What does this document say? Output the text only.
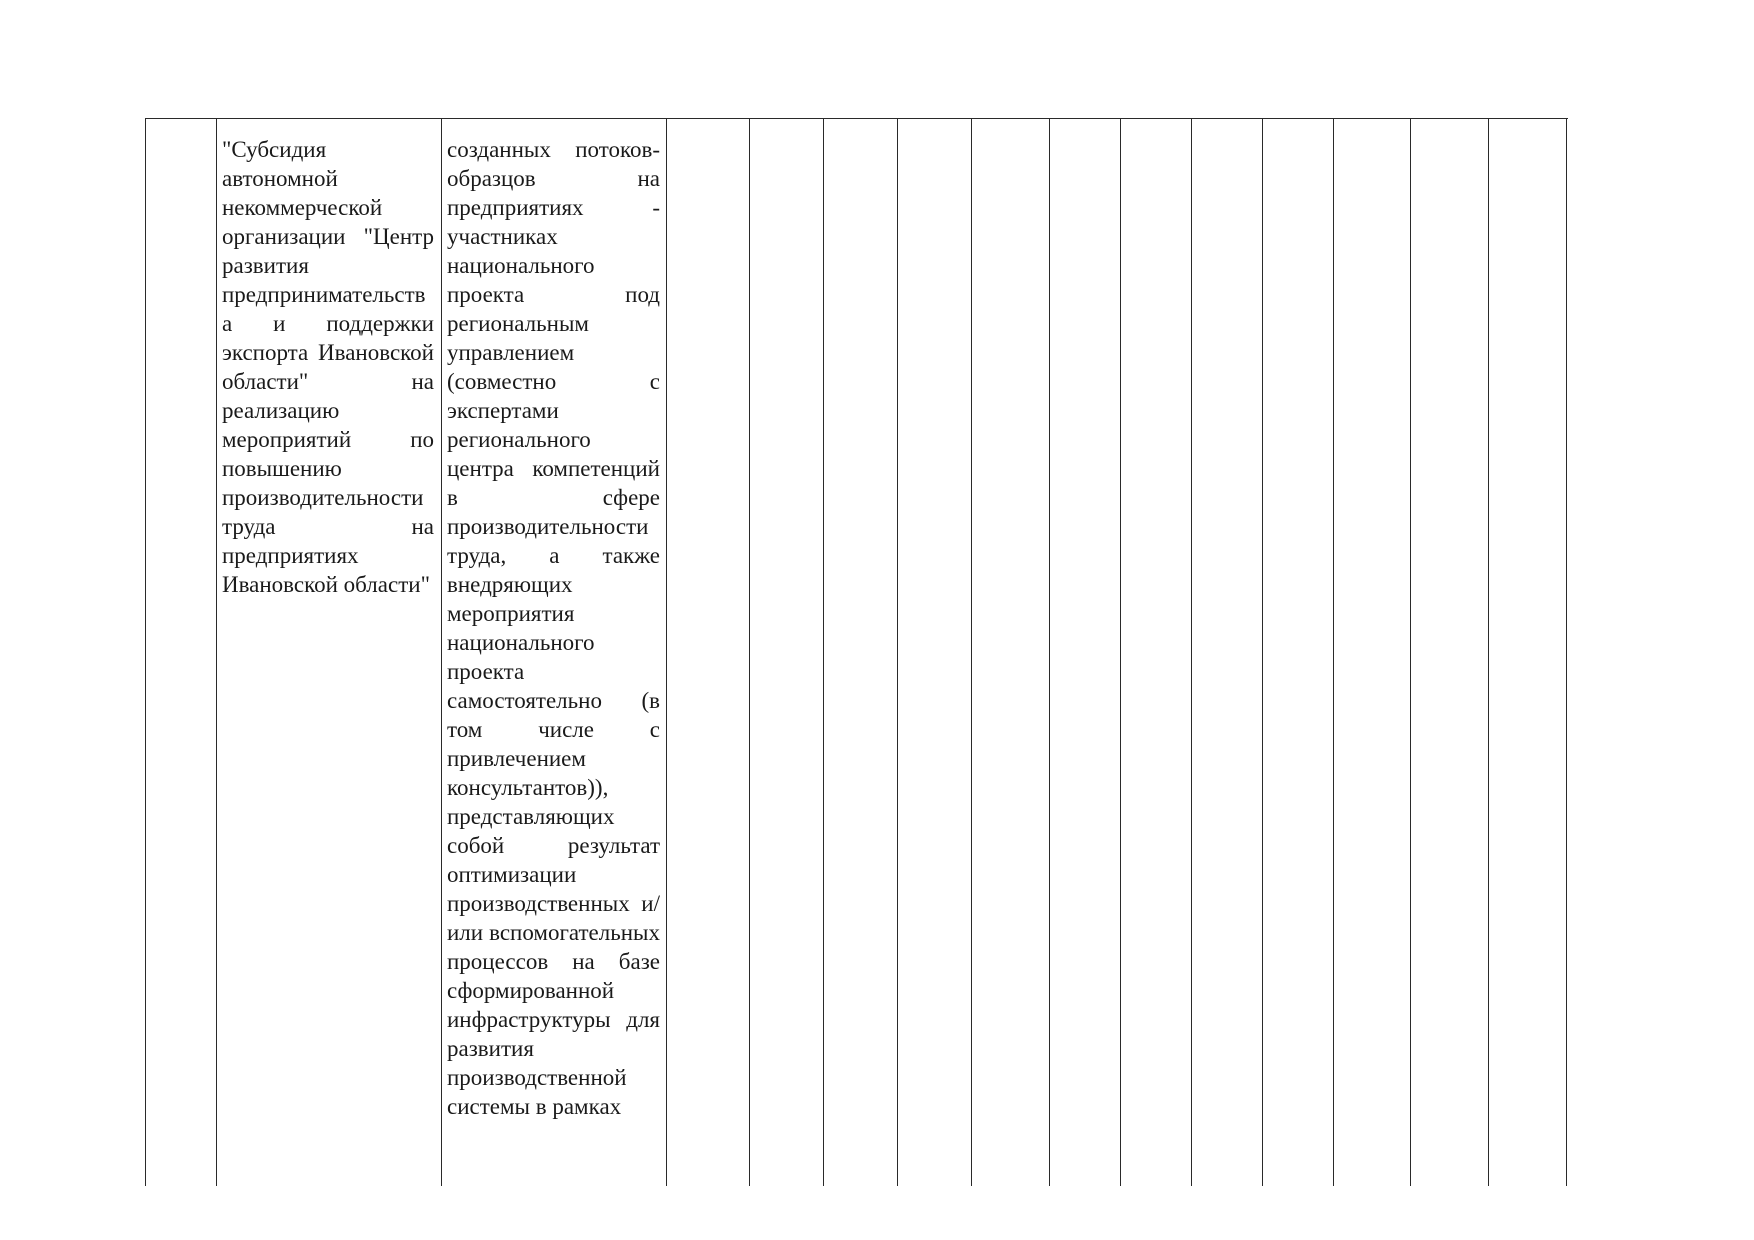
"Субсидия автономной некоммерческой организации "Центр развития предпринимательства и поддержки экспорта Ивановской области" на реализацию мероприятий по повышению производительности труда на предприятиях Ивановской области"
созданных потоков-образцов на предприятиях - участниках национального проекта под региональным управлением (совместно с экспертами регионального центра компетенций в сфере производительности труда, а также внедряющих мероприятия национального проекта самостоятельно (в том числе с привлечением консультантов)), представляющих собой результат оптимизации производственных и/или вспомогательных процессов на базе сформированной инфраструктуры для развития производственной системы в рамках
